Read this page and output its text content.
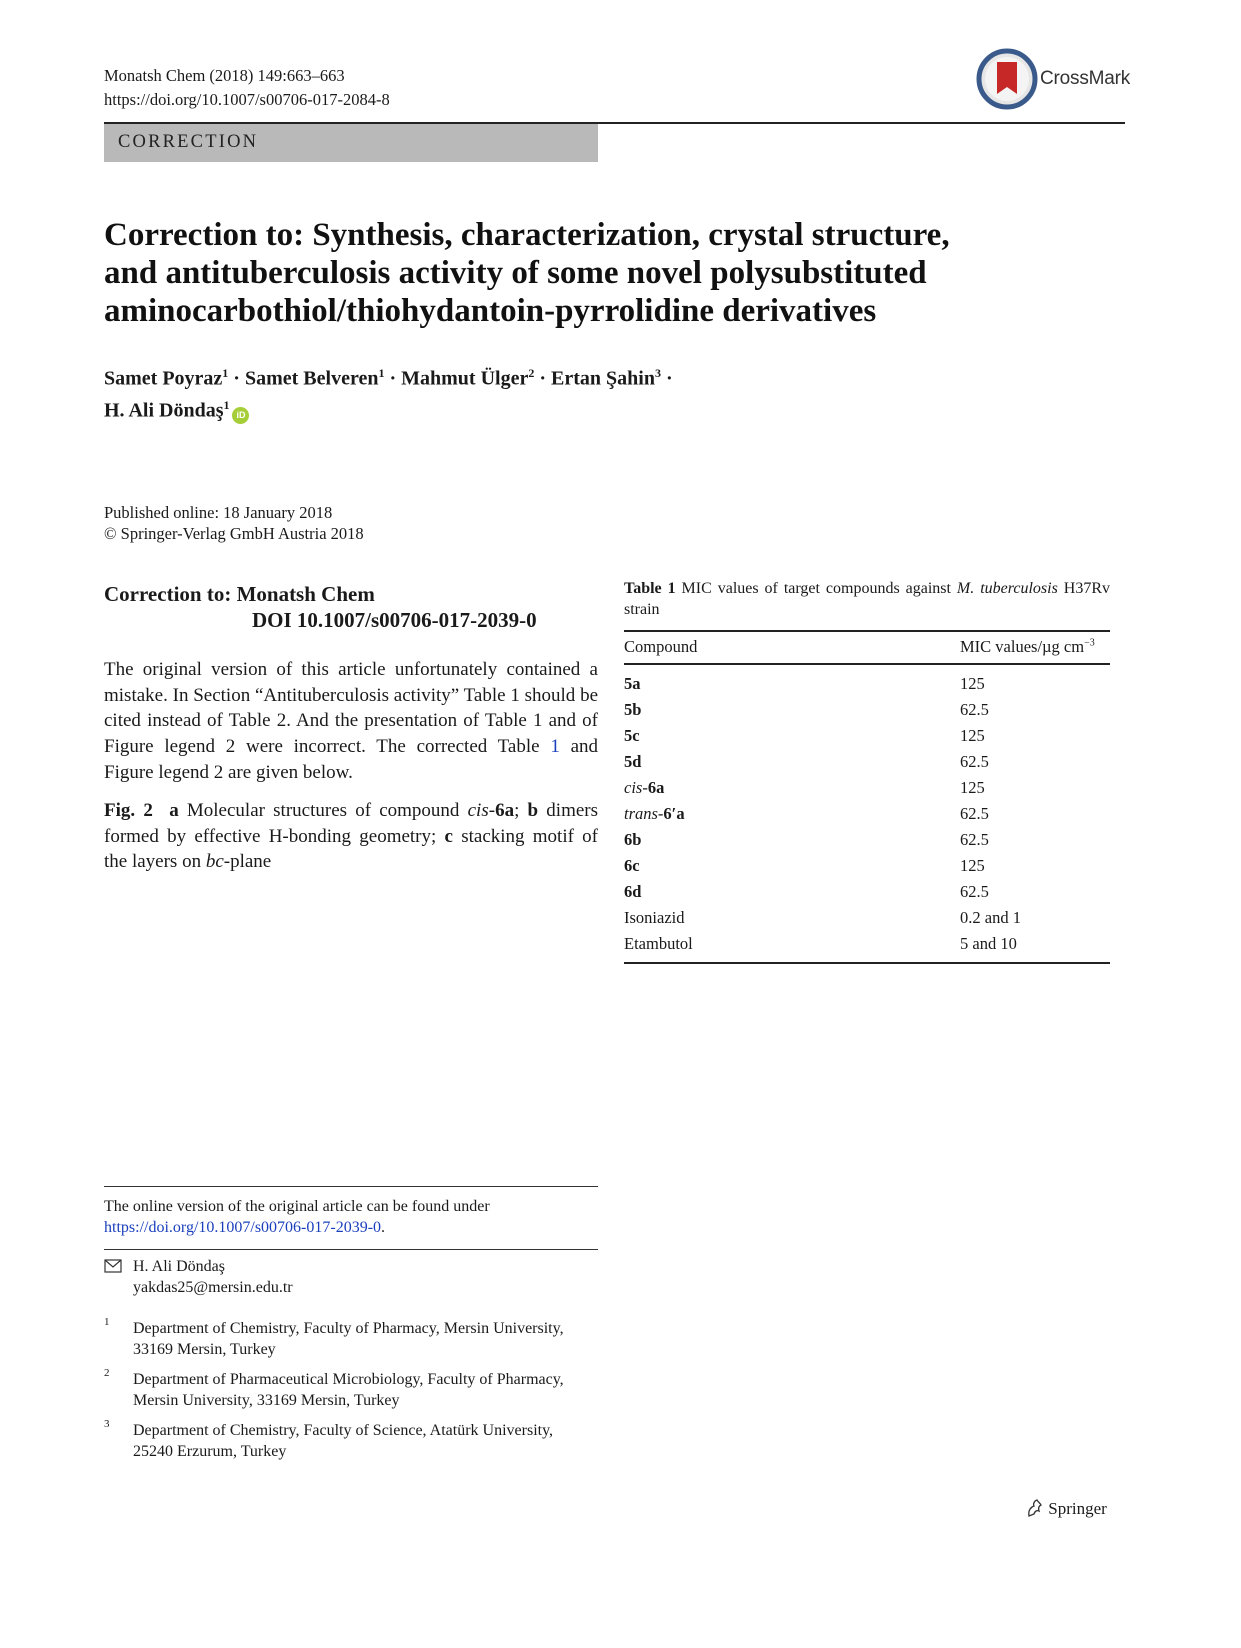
Monatsh Chem (2018) 149:663–663
https://doi.org/10.1007/s00706-017-2084-8
CrossMark
CORRECTION
Correction to: Synthesis, characterization, crystal structure,
and antituberculosis activity of some novel polysubstituted
aminocarbothiol/thiohydantoin-pyrrolidine derivatives
Samet Poyraz$^1$ · Samet Belveren$^1$ · Mahmut Ülger$^2$ · Ertan Şahin$^3$ ·
H. Ali Döndaş$^1$iD
Published online: 18 January 2018
© Springer-Verlag GmbH Austria 2018
Correction to: Monatsh Chem
DOI 10.1007/s00706-017-2039-0
The original version of this article unfortunately contained a mistake. In Section “Antituberculosis activity” Table 1 should be cited instead of Table 2. And the presentation of Table 1 and of Figure legend 2 were incorrect. The corrected Table 1 and Figure legend 2 are given below.
Fig. 2 a Molecular structures of compound cis-6a; b dimers formed by effective H-bonding geometry; c stacking motif of the layers on bc-plane
Table 1 MIC values of target compounds against M. tuberculosis H37Rv strain
Compound	MIC values/µg $cm^{-3}$
5a	125
5b	62.5
5c	125
5d	62.5
cis-6a	125
trans-6′a	62.5
6b	62.5
6c	125
6d	62.5
Isoniazid	0.2 and 1
Etambutol	5 and 10
The online version of the original article can be found under
https://doi.org/10.1007/s00706-017-2039-0.
H. Ali Döndaş
yakdas25@mersin.edu.tr
1 Department of Chemistry, Faculty of Pharmacy, Mersin University, 33169 Mersin, Turkey
2 Department of Pharmaceutical Microbiology, Faculty of Pharmacy, Mersin University, 33169 Mersin, Turkey
3 Department of Chemistry, Faculty of Science, Atatürk University, 25240 Erzurum, Turkey
Springer
